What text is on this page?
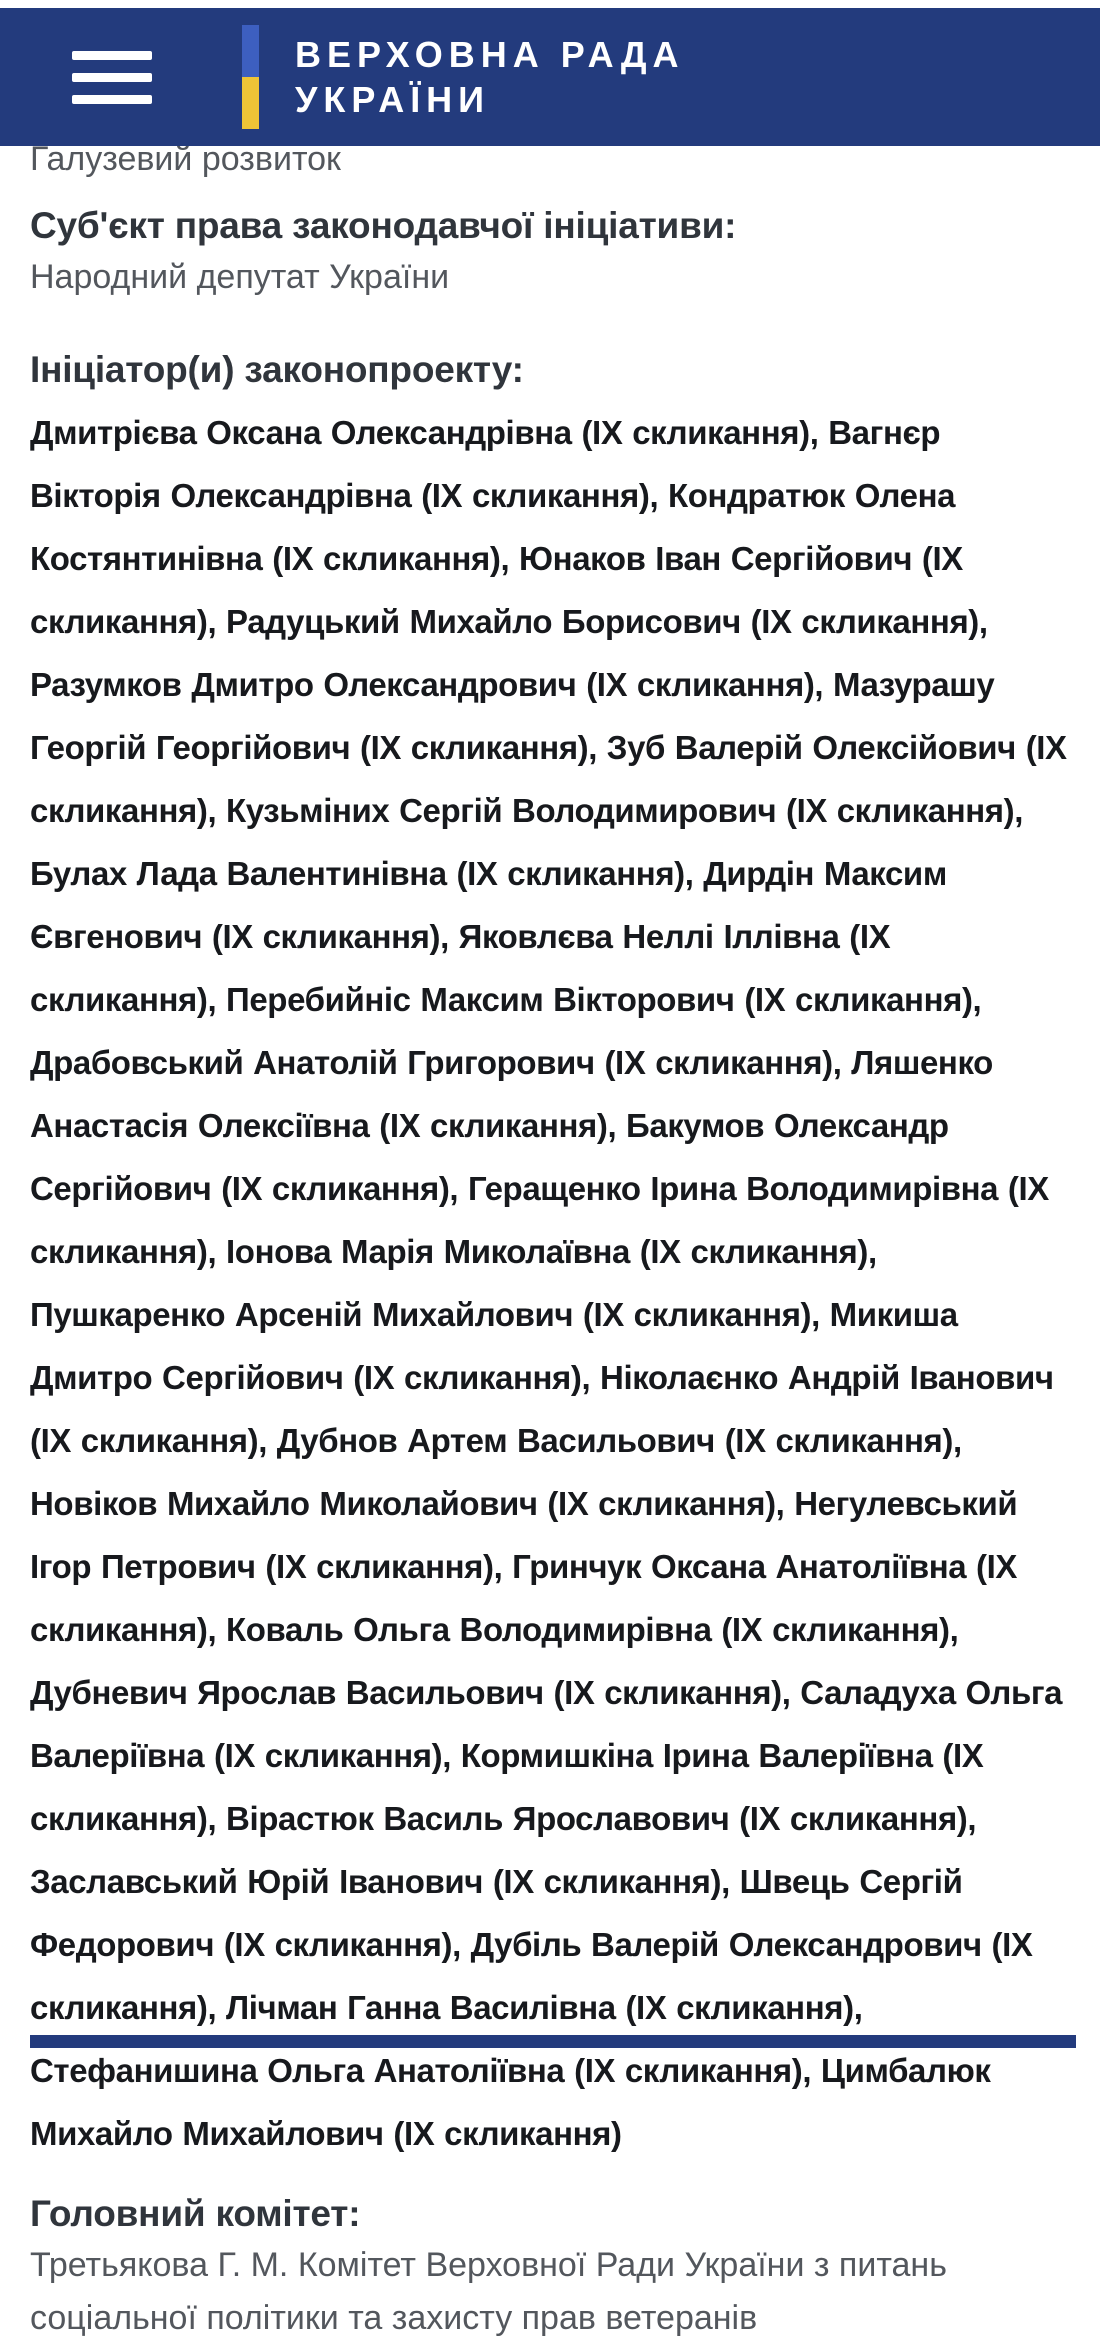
ВЕРХОВНА РАДА
УКРАЇНИ
Галузевий розвиток
Суб'єкт права законодавчої ініціативи:
Народний депутат України
Ініціатор(и) законопроекту:
Дмитрієва Оксана Олександрівна (ІХ скликання), Вагнєр Вікторія Олександрівна (ІХ скликання), Кондратюк Олена Костянтинівна (ІХ скликання), Юнаков Іван Сергійович (ІХ скликання), Радуцький Михайло Борисович (ІХ скликання), Разумков Дмитро Олександрович (ІХ скликання), Мазурашу Георгій Георгійович (ІХ скликання), Зуб Валерій Олексійович (ІХ скликання), Кузьміних Сергій Володимирович (ІХ скликання), Булах Лада Валентинівна (ІХ скликання), Дирдін Максим Євгенович (ІХ скликання), Яковлєва Неллі Іллівна (ІХ скликання), Перебийніс Максим Вікторович (ІХ скликання), Драбовський Анатолій Григорович (ІХ скликання), Ляшенко Анастасія Олексіївна (ІХ скликання), Бакумов Олександр Сергійович (ІХ скликання), Геращенко Ірина Володимирівна (ІХ скликання), Іонова Марія Миколаївна (ІХ скликання), Пушкаренко Арсеній Михайлович (ІХ скликання), Микиша Дмитро Сергійович (ІХ скликання), Ніколаєнко Андрій Іванович (ІХ скликання), Дубнов Артем Васильович (ІХ скликання), Новіков Михайло Миколайович (ІХ скликання), Негулевський Ігор Петрович (ІХ скликання), Гринчук Оксана Анатоліївна (ІХ скликання), Коваль Ольга Володимирівна (ІХ скликання), Дубневич Ярослав Васильович (ІХ скликання), Саладуха Ольга Валеріївна (ІХ скликання), Кормишкіна Ірина Валеріївна (ІХ скликання), Вірастюк Василь Ярославович (ІХ скликання), Заславський Юрій Іванович (ІХ скликання), Швець Сергій Федорович (ІХ скликання), Дубіль Валерій Олександрович (ІХ скликання), Лічман Ганна Василівна (ІХ скликання), Стефанишина Ольга Анатоліївна (ІХ скликання), Цимбалюк Михайло Михайлович (ІХ скликання)
Головний комітет:
Третьякова Г. М. Комітет Верховної Ради України з питань соціальної політики та захисту прав ветеранів
